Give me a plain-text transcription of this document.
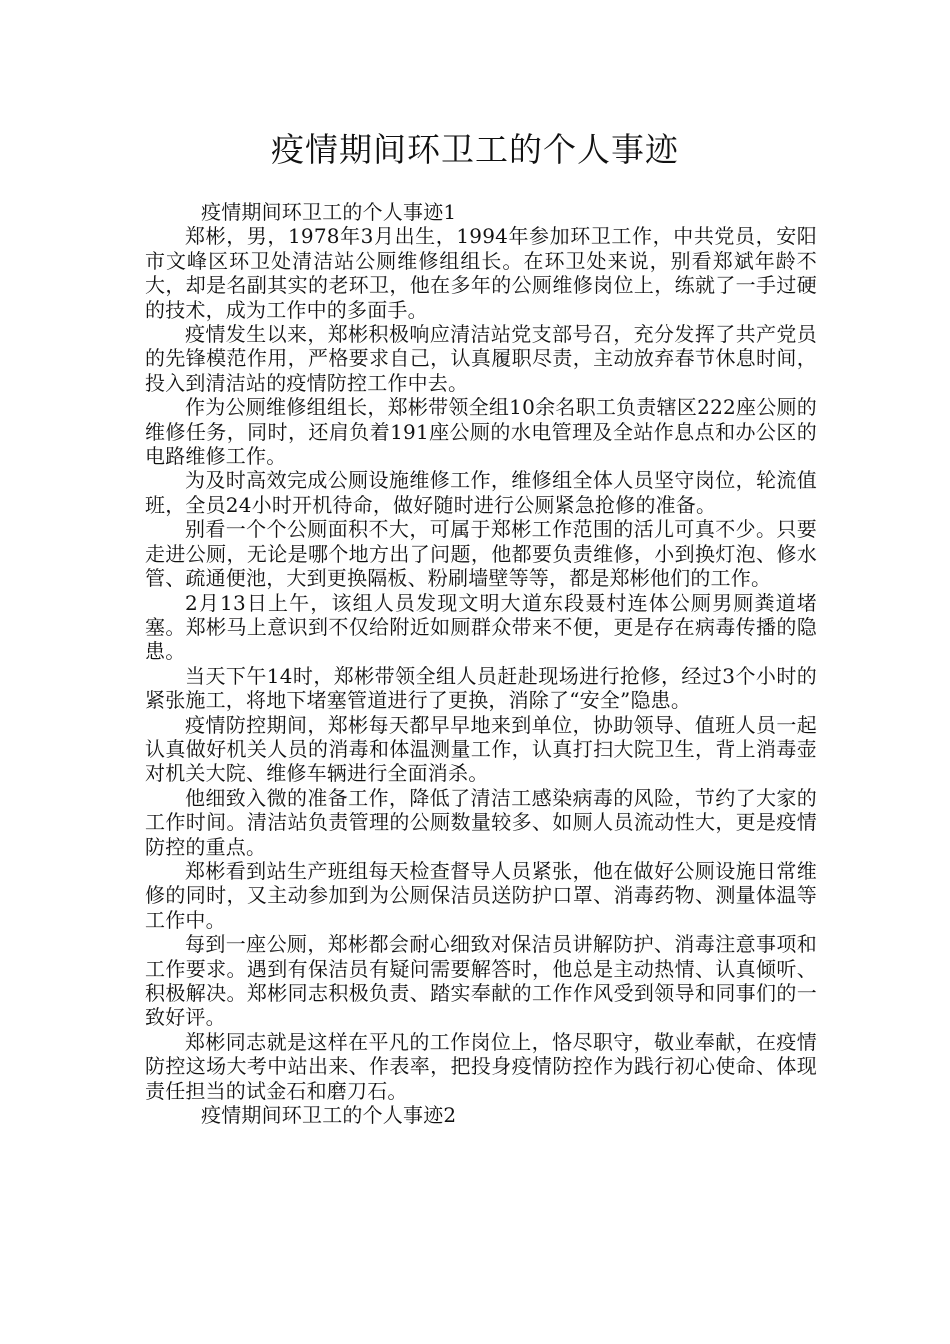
疫情期间环卫工的个人事迹

疫情期间环卫工的个人事迹1

郑彬，男，1978年3月出生，1994年参加环卫工作，中共党员，安阳市文峰区环卫处清洁站公厕维修组组长。在环卫处来说，别看郑斌年龄不大，却是名副其实的老环卫，他在多年的公厕维修岗位上，练就了一手过硬的技术，成为工作中的多面手。

疫情发生以来，郑彬积极响应清洁站党支部号召，充分发挥了共产党员的先锋模范作用，严格要求自己，认真履职尽责，主动放弃春节休息时间，投入到清洁站的疫情防控工作中去。

作为公厕维修组组长，郑彬带领全组10余名职工负责辖区222座公厕的维修任务，同时，还肩负着191座公厕的水电管理及全站作息点和办公区的电路维修工作。

为及时高效完成公厕设施维修工作，维修组全体人员坚守岗位，轮流值班，全员24小时开机待命，做好随时进行公厕紧急抢修的准备。

别看一个个公厕面积不大，可属于郑彬工作范围的活儿可真不少。只要走进公厕，无论是哪个地方出了问题，他都要负责维修，小到换灯泡、修水管、疏通便池，大到更换隔板、粉刷墙壁等等，都是郑彬他们的工作。

2月13日上午，该组人员发现文明大道东段聂村连体公厕男厕粪道堵塞。郑彬马上意识到不仅给附近如厕群众带来不便，更是存在病毒传播的隐患。

当天下午14时，郑彬带领全组人员赶赴现场进行抢修，经过3个小时的紧张施工，将地下堵塞管道进行了更换，消除了“安全”隐患。

疫情防控期间，郑彬每天都早早地来到单位，协助领导、值班人员一起认真做好机关人员的消毒和体温测量工作，认真打扫大院卫生，背上消毒壶对机关大院、维修车辆进行全面消杀。

他细致入微的准备工作，降低了清洁工感染病毒的风险，节约了大家的工作时间。清洁站负责管理的公厕数量较多、如厕人员流动性大，更是疫情防控的重点。

郑彬看到站生产班组每天检查督导人员紧张，他在做好公厕设施日常维修的同时，又主动参加到为公厕保洁员送防护口罩、消毒药物、测量体温等工作中。

每到一座公厕，郑彬都会耐心细致对保洁员讲解防护、消毒注意事项和工作要求。遇到有保洁员有疑问需要解答时，他总是主动热情、认真倾听、积极解决。郑彬同志积极负责、踏实奉献的工作作风受到领导和同事们的一致好评。

郑彬同志就是这样在平凡的工作岗位上，恪尽职守，敬业奉献，在疫情防控这场大考中站出来、作表率，把投身疫情防控作为践行初心使命、体现责任担当的试金石和磨刀石。

疫情期间环卫工的个人事迹2
